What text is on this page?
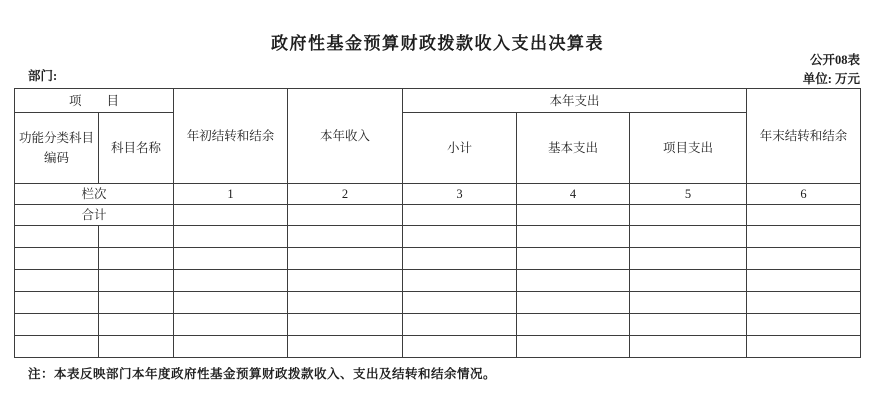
政府性基金预算财政拨款收入支出决算表
公开08表
单位: 万元
部门:
项　　目		年初结转和结余	本年收入	本年支出			年末结转和结余

功能分类科目
编码	科目名称			小计	基本支出	项目支出	
栏次		1	2	3	4	5	6
合计							

注：本表反映部门本年度政府性基金预算财政拨款收入、支出及结转和结余情况。
